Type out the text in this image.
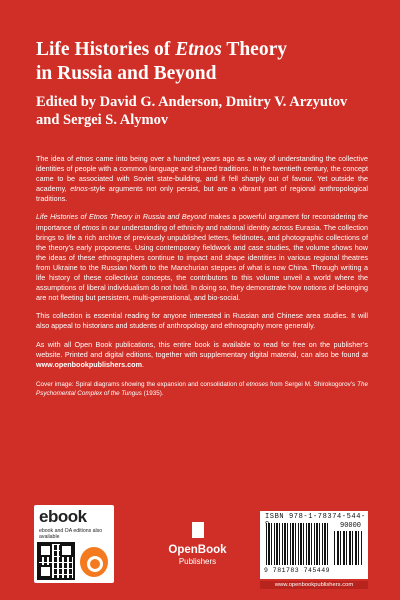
Life Histories of Etnos Theory
in Russia and Beyond
Edited by David G. Anderson, Dmitry V. Arzyutov
and Sergei S. Alymov

The idea of etnos came into being over a hundred years ago as a way of understanding the collective identities of people with a common language and shared traditions. In the twentieth century, the concept came to be associated with Soviet state-building, and it fell sharply out of favour. Yet outside the academy, etnos-style arguments not only persist, but are a vibrant part of regional anthropological traditions.

Life Histories of Etnos Theory in Russia and Beyond makes a powerful argument for reconsidering the importance of etnos in our understanding of ethnicity and national identity across Eurasia. The collection brings to life a rich archive of previously unpublished letters, fieldnotes, and photographic collections of the theory’s early proponents. Using contemporary fieldwork and case studies, the volume shows how the ideas of these ethnographers continue to impact and shape identities in various regional theatres from Ukraine to the Russian North to the Manchurian steppes of what is now China. Through writing a life history of these collectivist concepts, the contributors to this volume unveil a world where the assumptions of liberal individualism do not hold. In doing so, they demonstrate how notions of belonging are not fleeting but persistent, multi-generational, and bio-social.

This collection is essential reading for anyone interested in Russian and Chinese area studies. It will also appeal to historians and students of anthropology and ethnography more generally.

As with all Open Book publications, this entire book is available to read for free on the publisher’s website. Printed and digital editions, together with supplementary digital material, can also be found at www.openbookpublishers.com.

Cover image: Spiral diagrams showing the expansion and consolidation of etnoses from Sergei M. Shirokogorov’s The Psychomental Complex of the Tungus (1935).

ebook
ebook and OA editions also available
OpenBook
Publishers
ISBN 978-1-78374-544-
90000
9 781783 745449
www.openbookpublishers.com
